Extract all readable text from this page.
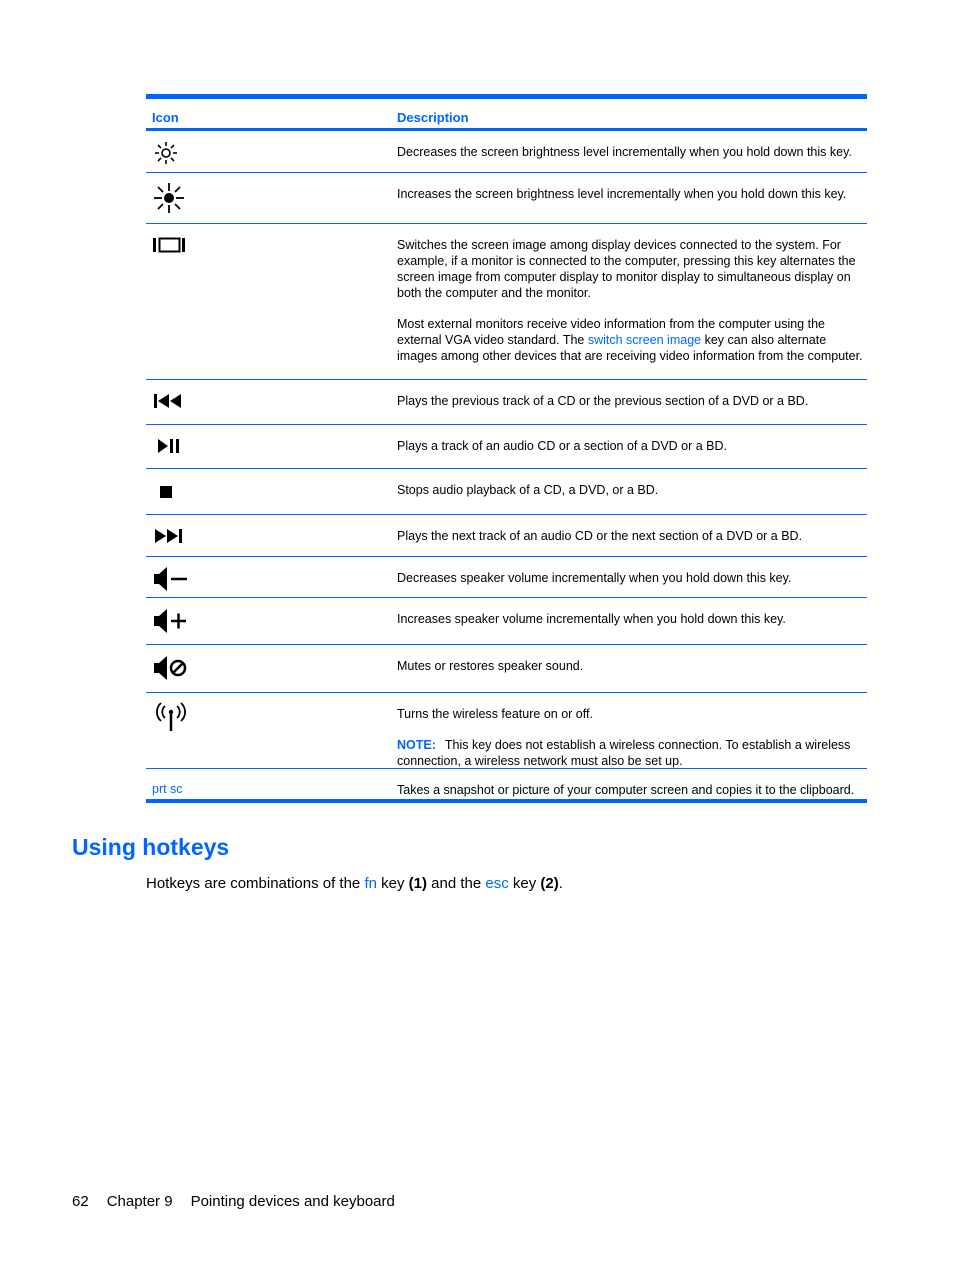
Icon	Description

Decreases the screen brightness level incrementally when you hold down this key.

Increases the screen brightness level incrementally when you hold down this key.

Switches the screen image among display devices connected to the system. For example, if a monitor is connected to the computer, pressing this key alternates the screen image from computer display to monitor display to simultaneous display on both the computer and the monitor.

Most external monitors receive video information from the computer using the external VGA video standard. The switch screen image key can also alternate images among other devices that are receiving video information from the computer.

Plays the previous track of a CD or the previous section of a DVD or a BD.

Plays a track of an audio CD or a section of a DVD or a BD.

Stops audio playback of a CD, a DVD, or a BD.

Plays the next track of an audio CD or the next section of a DVD or a BD.

Decreases speaker volume incrementally when you hold down this key.

Increases speaker volume incrementally when you hold down this key.

Mutes or restores speaker sound.

Turns the wireless feature on or off.

NOTE: This key does not establish a wireless connection. To establish a wireless connection, a wireless network must also be set up.

prt sc	Takes a snapshot or picture of your computer screen and copies it to the clipboard.

Using hotkeys

Hotkeys are combinations of the fn key (1) and the esc key (2).

62 Chapter 9 Pointing devices and keyboard
